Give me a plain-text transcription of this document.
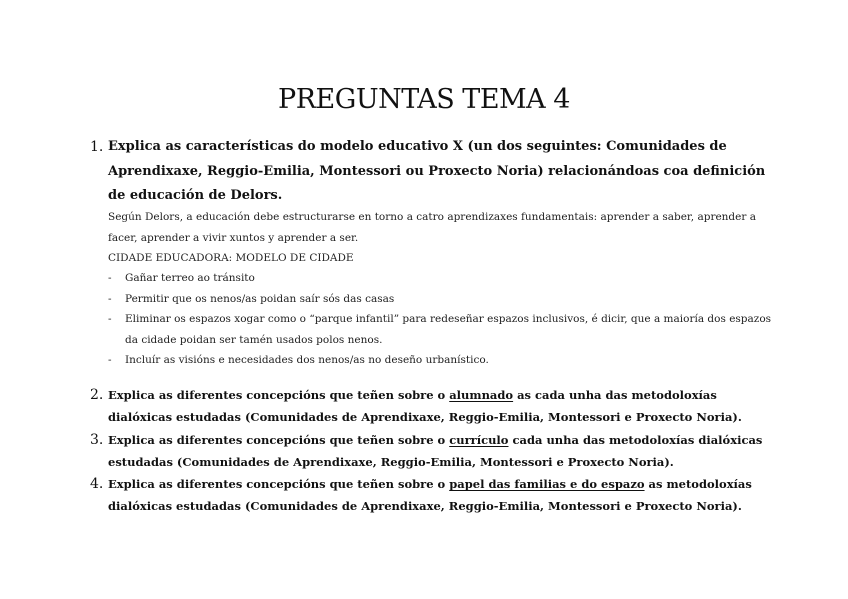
PREGUNTAS TEMA 4
1. Explica as características do modelo educativo X (un dos seguintes: Comunidades de Aprendixaxe, Reggio-Emilia, Montessori ou Proxecto Noria) relacionándoas coa definición de educación de Delors.
Según Delors, a educación debe estructurarse en torno a catro aprendizaxes fundamentais: aprender a saber, aprender a facer, aprender a vivir xuntos y aprender a ser.
CIDADE EDUCADORA: MODELO DE CIDADE
- Gañar terreo ao tránsito
- Permitir que os nenos/as poidan saír sós das casas
- Eliminar os espazos xogar como o “parque infantil” para redeseñar espazos inclusivos, é dicir, que a maioría dos espazos da cidade poidan ser tamén usados polos nenos.
- Incluír as visións e necesidades dos nenos/as no deseño urbanístico.
2. Explica as diferentes concepcións que teñen sobre o alumnado as cada unha das metodoloxías dialóxicas estudadas (Comunidades de Aprendixaxe, Reggio-Emilia, Montessori e Proxecto Noria).
3. Explica as diferentes concepcións que teñen sobre o currículo cada unha das metodoloxías dialóxicas estudadas (Comunidades de Aprendixaxe, Reggio-Emilia, Montessori e Proxecto Noria).
4. Explica as diferentes concepcións que teñen sobre o papel das familias e do espazo as metodoloxías dialóxicas estudadas (Comunidades de Aprendixaxe, Reggio-Emilia, Montessori e Proxecto Noria).
